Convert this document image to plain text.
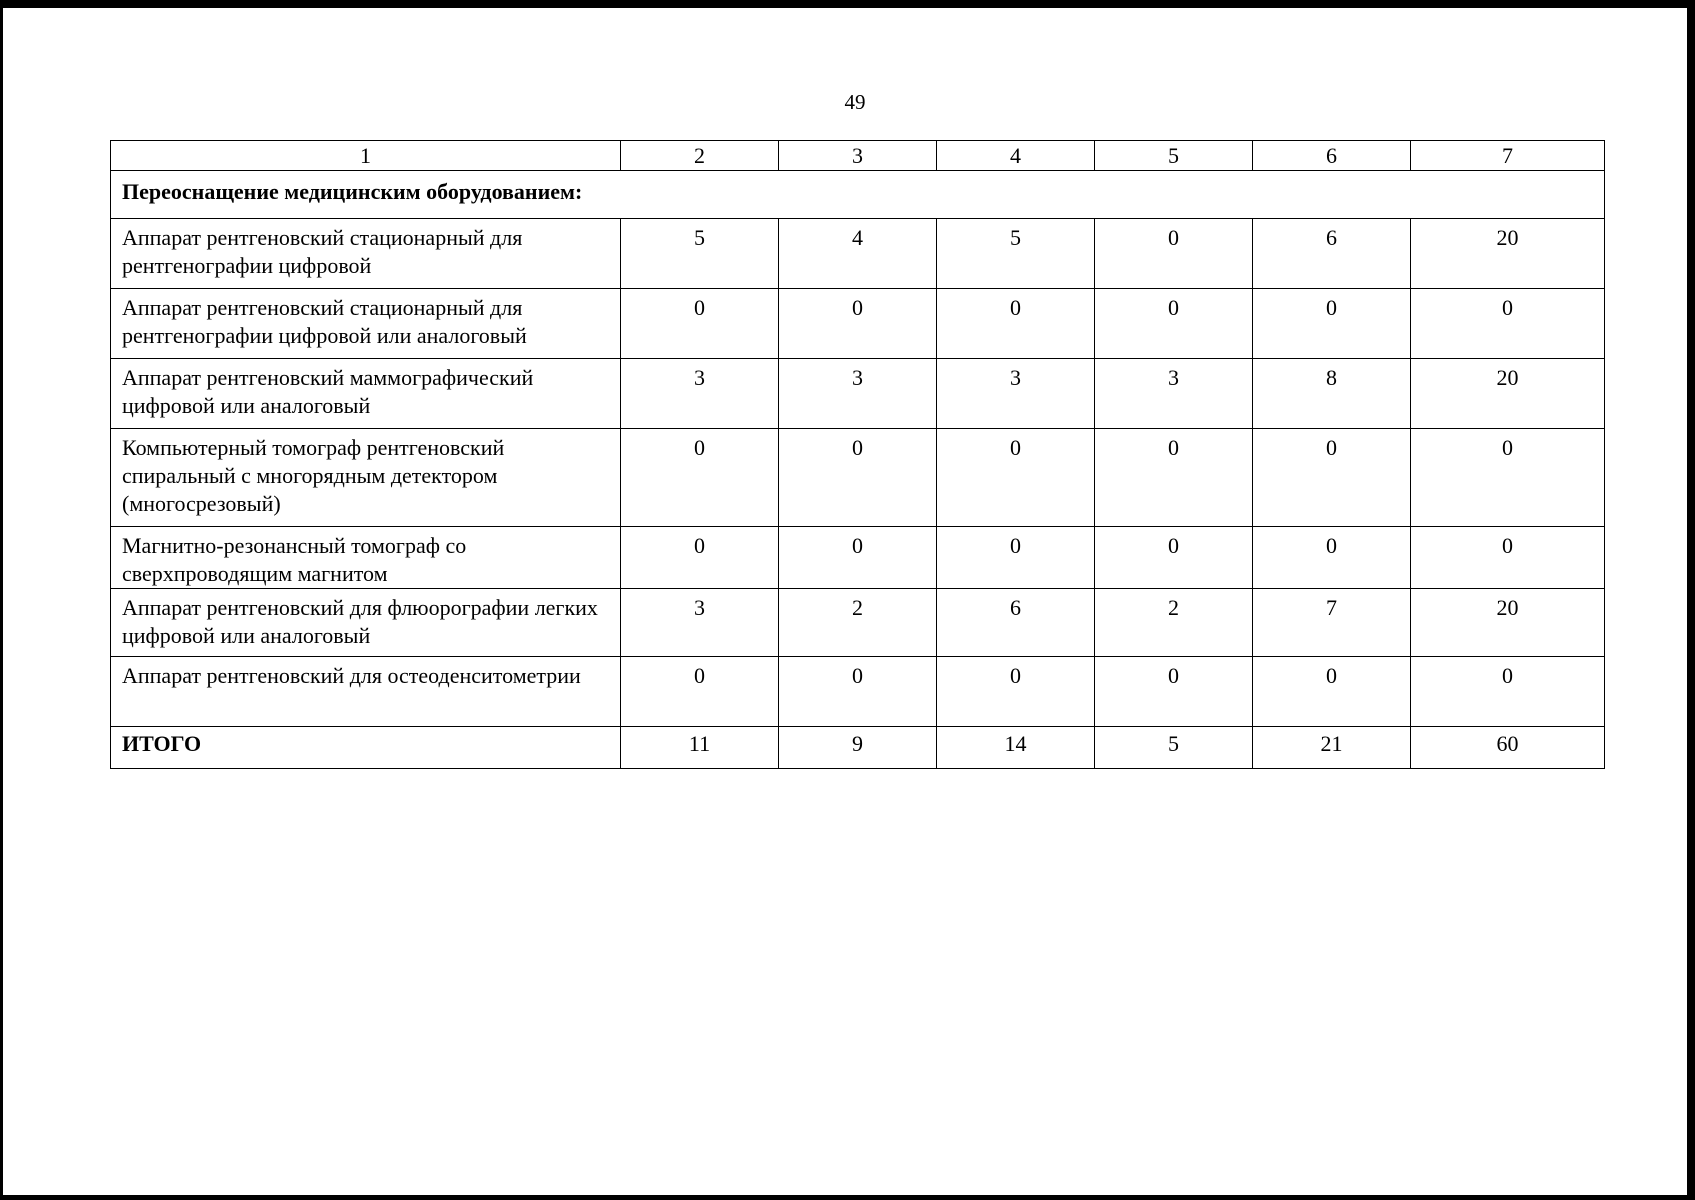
49
1	2	3	4	5	6	7
Переоснащение медицинским оборудованием:						
Аппарат рентгеновский стационарный для рентгенографии цифровой	5	4	5	0	6	20
Аппарат рентгеновский стационарный для рентгенографии цифровой или аналоговый	0	0	0	0	0	0
Аппарат рентгеновский маммографический цифровой или аналоговый	3	3	3	3	8	20
Компьютерный томограф рентгеновский спиральный с многорядным детектором (многосрезовый)	0	0	0	0	0	0
Магнитно-резонансный томограф со сверхпроводящим магнитом	0	0	0	0	0	0
Аппарат рентгеновский для флюорографии легких цифровой или аналоговый	3	2	6	2	7	20
Аппарат рентгеновский для остеоденситометрии	0	0	0	0	0	0
ИТОГО	11	9	14	5	21	60
